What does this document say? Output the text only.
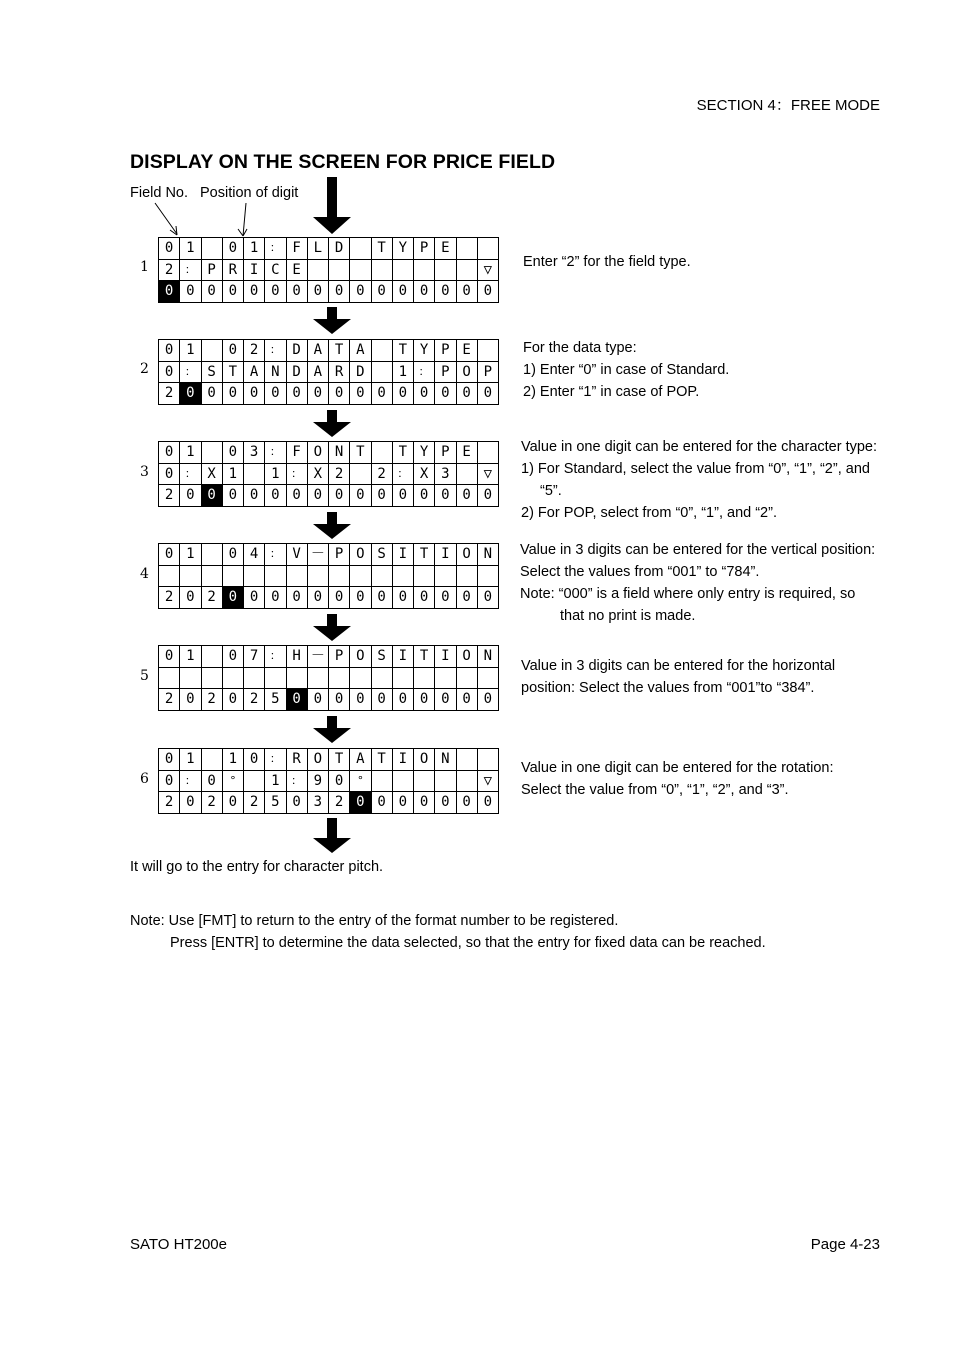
SECTION 4：FREE MODE
DISPLAY ON THE SCREEN FOR PRICE FIELD
Field No. Position of digit
1
2
3
4
5
6
0	1		0	1	：	F	L	D		T	Y	P	E		
2	：	P	R	I	C	E									▽
0	0	0	0	0	0	0	0	0	0	0	0	0	0	0	0
0	1		0	2	：	D	A	T	A		T	Y	P	E	
0	：	S	T	A	N	D	A	R	D		1	：	P	O	P
2	0	0	0	0	0	0	0	0	0	0	0	0	0	0	0
0	1		0	3	：	F	O	N	T		T	Y	P	E	
0	：	X	1		1	：	X	2		2	：	X	3		▽
2	0	0	0	0	0	0	0	0	0	0	0	0	0	0	0
0	1		0	4	：	V	－	P	O	S	I	T	I	O	N

2	0	2	0	0	0	0	0	0	0	0	0	0	0	0	0
0	1		0	7	：	H	－	P	O	S	I	T	I	O	N

2	0	2	0	2	5	0	0	0	0	0	0	0	0	0	0
0	1		1	0	：	R	O	T	A	T	I	O	N		
0	：	0	°		1	：	9	0	°						▽
2	0	2	0	2	5	0	3	2	0	0	0	0	0	0	0

Enter “2” for the field type.

For the data type:

1) Enter “0” in case of Standard.

2) Enter “1” in case of POP.

Value in one digit can be entered for the character type:

1) For Standard, select the value from “0”, “1”, “2”, and

“5”.

2) For POP, select from “0”, “1”, and “2”.

Value in 3 digits can be entered for the vertical position:

Select the values from “001” to “784”.

Note: “000” is a field where only entry is required, so

that no print is made.

Value in 3 digits can be entered for the horizontal

position: Select the values from “001”to “384”.

Value in one digit can be entered for the rotation:

Select the value from “0”, “1”, “2”, and “3”.

It will go to the entry for character pitch.
Note: Use [FMT] to return to the entry of the format number to be registered.
Press [ENTR] to determine the data selected, so that the entry for fixed data can be reached.
SATO HT200e	Page 4-23
